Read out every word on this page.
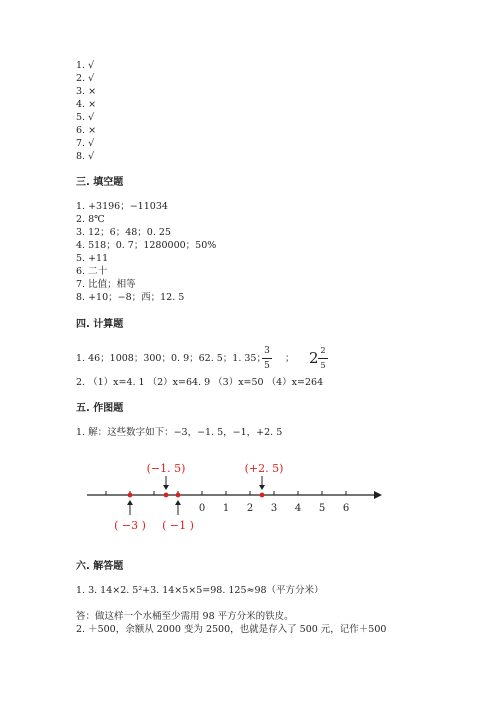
1. √
2. √
3. ×
4. ×
5. √
6. ×
7. √
8. √
三. 填空题
1. +3196；−11034
2. 8℃
3. 12；6；48；0. 25
4. 518；0. 7；1280000；50%
5. +11
6. 二十
7. 比值；相等
8. +10；−8；西；12. 5
四. 计算题
1. 46；1008；300；0. 9；62. 5；1. 35；
3
5
； 2 2
5
2. （1）x=4. 1 （2）x=64. 9 （3）x=50 （4）x=264
五. 作图题
1. 解：这些数字如下：−3，−1. 5，−1，+2. 5
0 1 2 3 4 5 6
(−1. 5)	(+2. 5)
( −3 ) ( −1 )
六. 解答题
1. 3. 14×2. 5²+3. 14×5×5=98. 125≈98（平方分米）
答：做这样一个水桶至少需用 98 平方分米的铁皮。
2. ＋500，余额从 2000 变为 2500，也就是存入了 500 元，记作＋500
